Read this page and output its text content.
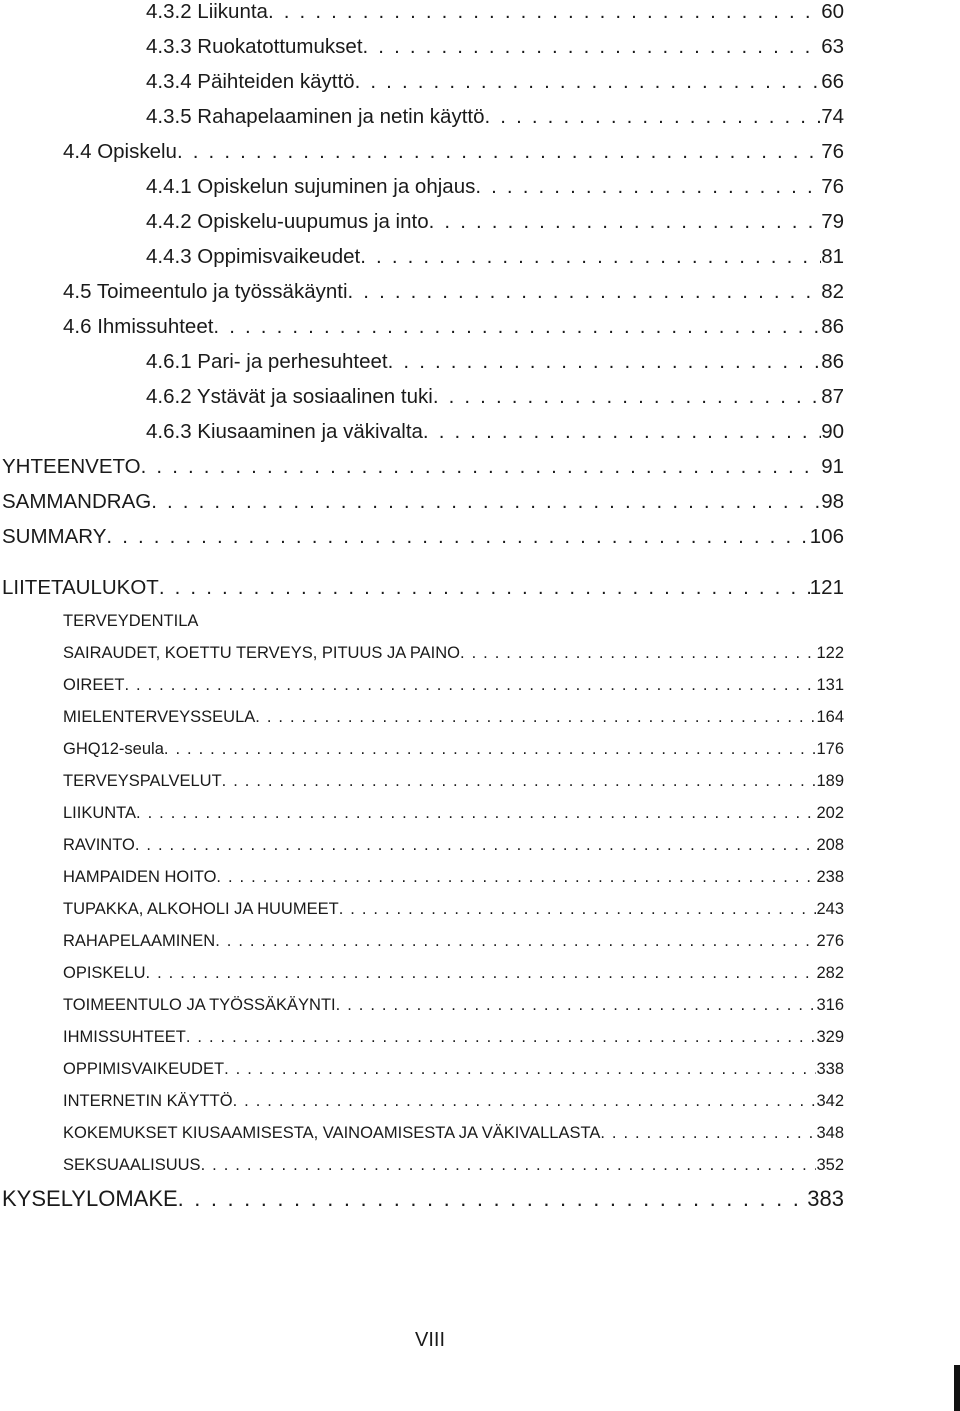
4.3.2 Liikunta . . .	60
4.3.3 Ruokatottumukset . . .	63
4.3.4 Päihteiden käyttö . . .	66
4.3.5 Rahapelaaminen ja netin käyttö . . .	74
4.4 Opiskelu . . .	76
4.4.1 Opiskelun sujuminen ja ohjaus . . .	76
4.4.2 Opiskelu-uupumus ja into . . .	79
4.4.3 Oppimisvaikeudet . . .	81
4.5 Toimeentulo ja työssäkäynti . . .	82
4.6 Ihmissuhteet . . .	86
4.6.1 Pari- ja perhesuhteet . . .	86
4.6.2 Ystävät ja sosiaalinen tuki . . .	87
4.6.3 Kiusaaminen ja väkivalta . . .	90
YHTEENVETO . . .	91
SAMMANDRAG . . .	98
SUMMARY . . .	106
LIITETAULUKOT . . .	121
TERVEYDENTILA
SAIRAUDET, KOETTU TERVEYS, PITUUS JA PAINO . . .	122
OIREET . . .	131
MIELENTERVEYSSEULA . . .	164
GHQ12-seula . . .	176
TERVEYSPALVELUT . . .	189
LIIKUNTA . . .	202
RAVINTO . . .	208
HAMPAIDEN HOITO . . .	238
TUPAKKA, ALKOHOLI JA HUUMEET . . .	243
RAHAPELAAMINEN . . .	276
OPISKELU . . .	282
TOIMEENTULO JA TYÖSSÄKÄYNTI . . .	316
IHMISSUHTEET . . .	329
OPPIMISVAIKEUDET . . .	338
INTERNETIN KÄYTTÖ . . .	342
KOKEMUKSET KIUSAAMISESTA, VAINOAMISESTA JA VÄKIVALLASTA . . .	348
SEKSUAALISUUS . . .	352
KYSELYLOMAKE . . .	383
VIII
